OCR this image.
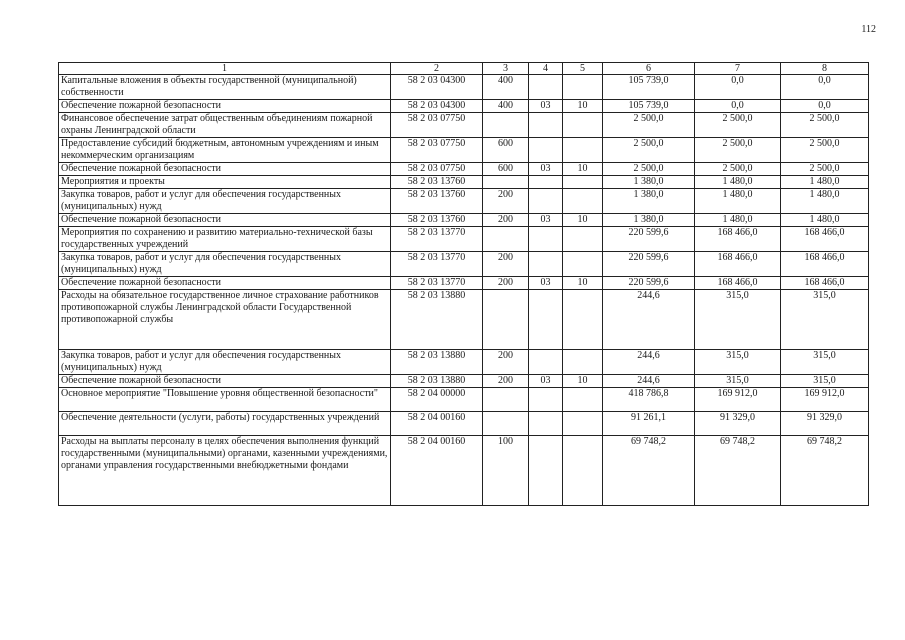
112
1	2	3	4	5	6	7	8
Капитальные вложения в объекты государственной (муниципальной) собственности	58 2 03 04300	400			105 739,0	0,0	0,0
Обеспечение пожарной безопасности	58 2 03 04300	400	03	10	105 739,0	0,0	0,0
Финансовое обеспечение затрат общественным объединениям пожарной охраны Ленинградской области	58 2 03 07750				2 500,0	2 500,0	2 500,0
Предоставление субсидий бюджетным, автономным учреждениям и иным некоммерческим организациям	58 2 03 07750	600			2 500,0	2 500,0	2 500,0
Обеспечение пожарной безопасности	58 2 03 07750	600	03	10	2 500,0	2 500,0	2 500,0
Мероприятия и проекты	58 2 03 13760				1 380,0	1 480,0	1 480,0
Закупка товаров, работ и услуг для обеспечения государственных (муниципальных) нужд	58 2 03 13760	200			1 380,0	1 480,0	1 480,0
Обеспечение пожарной безопасности	58 2 03 13760	200	03	10	1 380,0	1 480,0	1 480,0
Мероприятия по сохранению и развитию материально-технической базы государственных учреждений	58 2 03 13770				220 599,6	168 466,0	168 466,0
Закупка товаров, работ и услуг для обеспечения государственных (муниципальных) нужд	58 2 03 13770	200			220 599,6	168 466,0	168 466,0
Обеспечение пожарной безопасности	58 2 03 13770	200	03	10	220 599,6	168 466,0	168 466,0
Расходы на обязательное государственное личное страхование работников противопожарной службы Ленинградской области Государственной противопожарной службы	58 2 03 13880				244,6	315,0	315,0
Закупка товаров, работ и услуг для обеспечения государственных (муниципальных) нужд	58 2 03 13880	200			244,6	315,0	315,0
Обеспечение пожарной безопасности	58 2 03 13880	200	03	10	244,6	315,0	315,0
Основное мероприятие "Повышение уровня общественной безопасности"	58 2 04 00000				418 786,8	169 912,0	169 912,0
Обеспечение деятельности (услуги, работы) государственных учреждений	58 2 04 00160				91 261,1	91 329,0	91 329,0
Расходы на выплаты персоналу в целях обеспечения выполнения функций государственными (муниципальными) органами, казенными учреждениями, органами управления государственными внебюджетными фондами	58 2 04 00160	100			69 748,2	69 748,2	69 748,2
